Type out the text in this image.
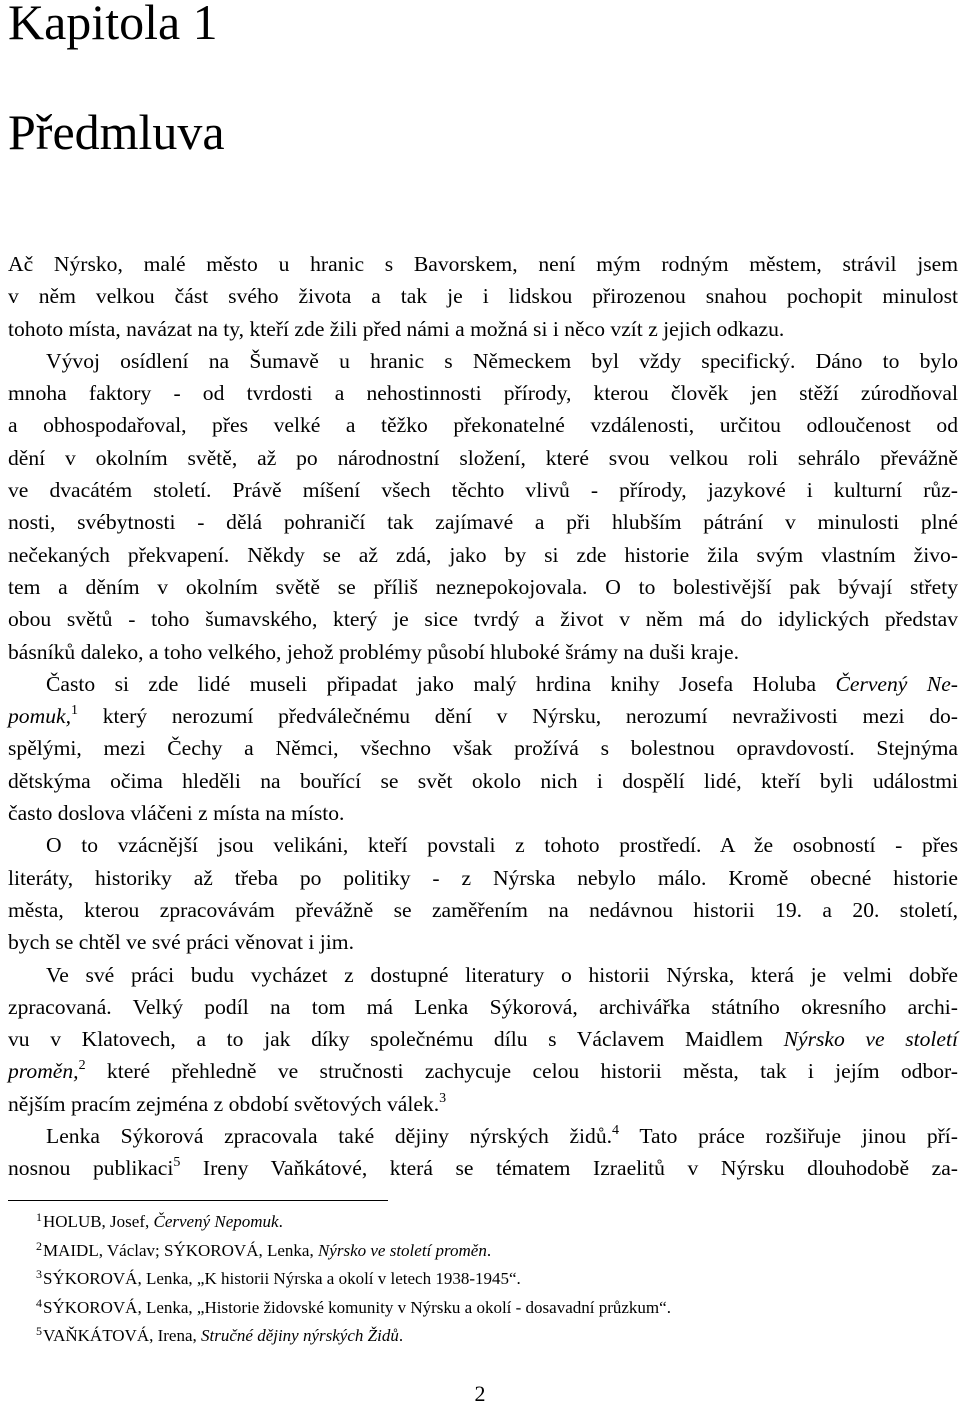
Kapitola 1
Předmluva
Ač Nýrsko, malé město u hranic s Bavorskem, není mým rodným městem, strávil jsem
v něm velkou část svého života a tak je i lidskou přirozenou snahou pochopit minulost
tohoto místa, navázat na ty, kteří zde žili před námi a možná si i něco vzít z jejich odkazu.
Vývoj osídlení na Šumavě u hranic s Německem byl vždy specifický. Dáno to bylo
mnoha faktory - od tvrdosti a nehostinnosti přírody, kterou člověk jen stěží zúrodňoval
a obhospodařoval, přes velké a těžko překonatelné vzdálenosti, určitou odloučenost od
dění v okolním světě, až po národnostní složení, které svou velkou roli sehrálo převážně
ve dvacátém století. Právě míšení všech těchto vlivů - přírody, jazykové i kulturní růz-
nosti, svébytnosti - dělá pohraničí tak zajímavé a při hlubším pátrání v minulosti plné
nečekaných překvapení. Někdy se až zdá, jako by si zde historie žila svým vlastním živo-
tem a děním v okolním světě se příliš neznepokojovala. O to bolestivější pak bývají střety
obou světů - toho šumavského, který je sice tvrdý a život v něm má do idylických představ
básníků daleko, a toho velkého, jehož problémy působí hluboké šrámy na duši kraje.
Často si zde lidé museli připadat jako malý hrdina knihy Josefa Holuba Červený Ne-
pomuk,$^1$ který nerozumí předválečnému dění v Nýrsku, nerozumí nevraživosti mezi do-
spělými, mezi Čechy a Němci, všechno však prožívá s bolestnou opravdovostí. Stejnýma
dětskýma očima hleděli na bouřící se svět okolo nich i dospělí lidé, kteří byli událostmi
často doslova vláčeni z místa na místo.
O to vzácnější jsou velikáni, kteří povstali z tohoto prostředí. A že osobností - přes
literáty, historiky až třeba po politiky - z Nýrska nebylo málo. Kromě obecné historie
města, kterou zpracovávám převážně se zaměřením na nedávnou historii 19. a 20. století,
bych se chtěl ve své práci věnovat i jim.
Ve své práci budu vycházet z dostupné literatury o historii Nýrska, která je velmi dobře
zpracovaná. Velký podíl na tom má Lenka Sýkorová, archivářka státního okresního archi-
vu v Klatovech, a to jak díky společnému dílu s Václavem Maidlem Nýrsko ve století
proměn,$^2$ které přehledně ve stručnosti zachycuje celou historii města, tak i jejím odbor-
nějším pracím zejména z období světových válek.$^3$
Lenka Sýkorová zpracovala také dějiny nýrských židů.$^4$ Tato práce rozšiřuje jinou pří-
nosnou publikaci$^5$ Ireny Vaňkátové, která se tématem Izraelitů v Nýrsku dlouhodobě za-
$^1$HOLUB, Josef, Červený Nepomuk.
$^2$MAIDL, Václav; SÝKOROVÁ, Lenka, Nýrsko ve století proměn.
$^3$SÝKOROVÁ, Lenka, „K historii Nýrska a okolí v letech 1938-1945“.
$^4$SÝKOROVÁ, Lenka, „Historie židovské komunity v Nýrsku a okolí - dosavadní průzkum“.
$^5$VAŇKÁTOVÁ, Irena, Stručné dějiny nýrských Židů.
2
